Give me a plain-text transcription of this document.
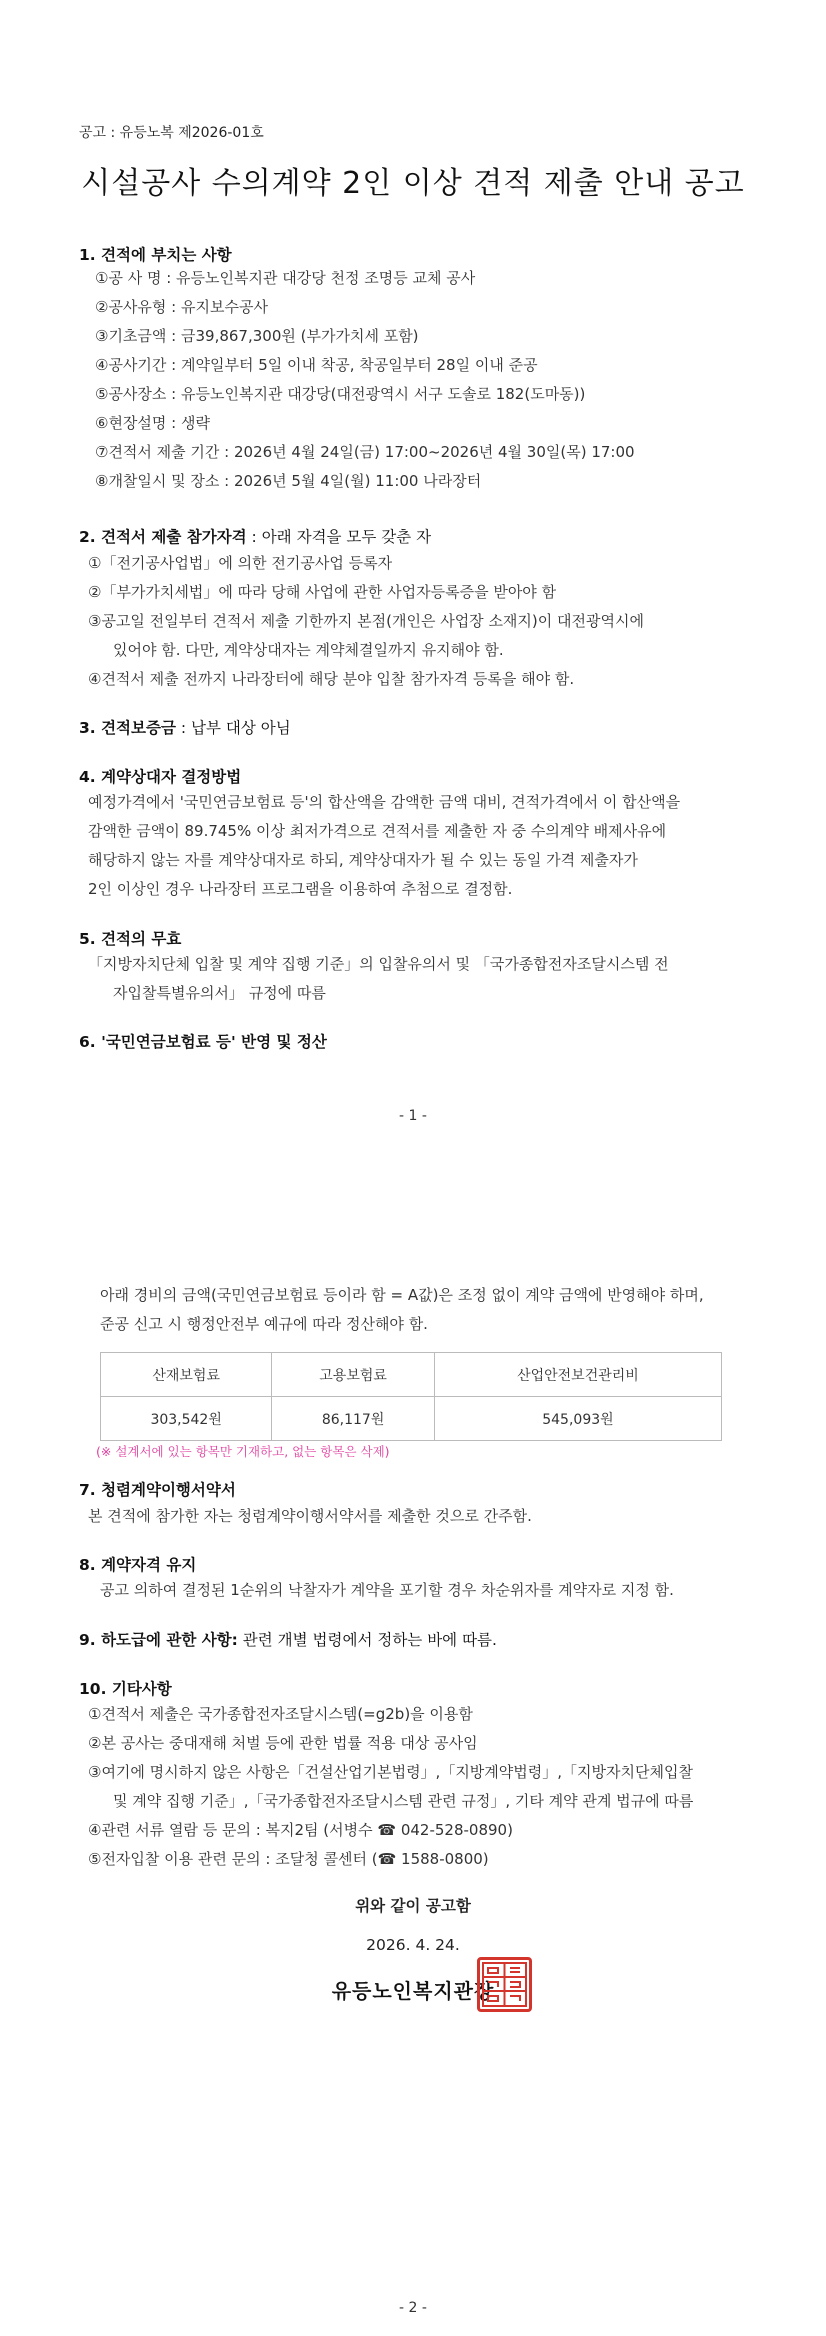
공고 : 유등노복 제2026-01호
시설공사 수의계약 2인 이상 견적 제출 안내 공고
1. 견적에 부치는 사항
①공 사 명 : 유등노인복지관 대강당 천정 조명등 교체 공사
②공사유형 : 유지보수공사
③기초금액 : 금39,867,300원 (부가가치세 포함)
④공사기간 : 계약일부터 5일 이내 착공, 착공일부터 28일 이내 준공
⑤공사장소 : 유등노인복지관 대강당(대전광역시 서구 도솔로 182(도마동))
⑥현장설명 : 생략
⑦견적서 제출 기간 : 2026년 4월 24일(금) 17:00~2026년 4월 30일(목) 17:00
⑧개찰일시 및 장소 : 2026년 5월 4일(월) 11:00 나라장터
2. 견적서 제출 참가자격 : 아래 자격을 모두 갖춘 자
①「전기공사업법」에 의한 전기공사업 등록자
②「부가가치세법」에 따라 당해 사업에 관한 사업자등록증을 받아야 함
③공고일 전일부터 견적서 제출 기한까지 본점(개인은 사업장 소재지)이 대전광역시에
있어야 함. 다만, 계약상대자는 계약체결일까지 유지해야 함.
④견적서 제출 전까지 나라장터에 해당 분야 입찰 참가자격 등록을 해야 함.
3. 견적보증금 : 납부 대상 아님
4. 계약상대자 결정방법
예정가격에서 '국민연금보험료 등'의 합산액을 감액한 금액 대비, 견적가격에서 이 합산액을
감액한 금액이 89.745% 이상 최저가격으로 견적서를 제출한 자 중 수의계약 배제사유에
해당하지 않는 자를 계약상대자로 하되, 계약상대자가 될 수 있는 동일 가격 제출자가
2인 이상인 경우 나라장터 프로그램을 이용하여 추첨으로 결정함.
5. 견적의 무효
「지방자치단체 입찰 및 계약 집행 기준」의 입찰유의서 및 「국가종합전자조달시스템 전
자입찰특별유의서」 규정에 따름
6. '국민연금보험료 등' 반영 및 정산
- 1 -
아래 경비의 금액(국민연금보험료 등이라 함 = A값)은 조정 없이 계약 금액에 반영해야 하며,
준공 신고 시 행정안전부 예규에 따라 정산해야 함.
산재보험료	고용보험료	산업안전보건관리비
303,542원	86,117원	545,093원
(※ 설계서에 있는 항목만 기재하고, 없는 항목은 삭제)
7. 청렴계약이행서약서
본 견적에 참가한 자는 청렴계약이행서약서를 제출한 것으로 간주함.
8. 계약자격 유지
공고 의하여 결정된 1순위의 낙찰자가 계약을 포기할 경우 차순위자를 계약자로 지정 함.
9. 하도급에 관한 사항: 관련 개별 법령에서 정하는 바에 따름.
10. 기타사항
①견적서 제출은 국가종합전자조달시스템(=g2b)을 이용함
②본 공사는 중대재해 처벌 등에 관한 법률 적용 대상 공사임
③여기에 명시하지 않은 사항은「건설산업기본법령」,「지방계약법령」,「지방자치단체입찰
및 계약 집행 기준」,「국가종합전자조달시스템 관련 규정」, 기타 계약 관계 법규에 따름
④관련 서류 열람 등 문의 : 복지2팀 (서병수 ☎ 042-528-0890)
⑤전자입찰 이용 관련 문의 : 조달청 콜센터 (☎ 1588-0800)
위와 같이 공고함
2026. 4. 24.
유등노인복지관장
- 2 -
